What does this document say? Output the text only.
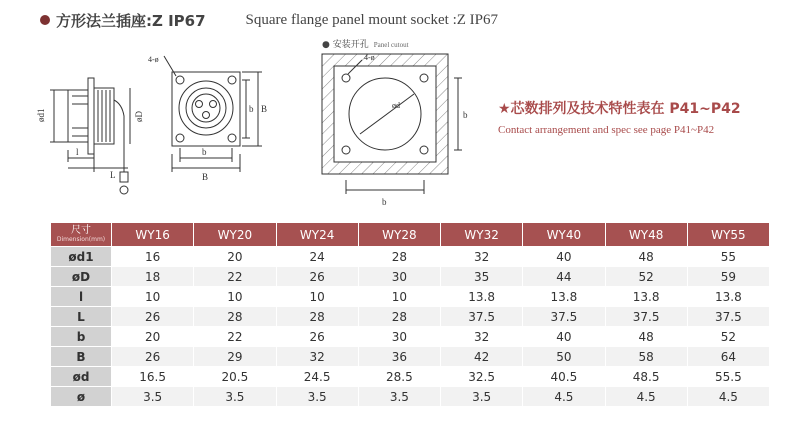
方形法兰插座:Z IP67	Square flange panel mount socket :Z IP67
ød1	øD
l
L
4-ø
b
B
b B
4-ø
ød
b
b
● 安装开孔 Panel cutout
★芯数排列及技术特性表在 P41~P42
Contact arrangement and spec see page P41~P42
尺寸
Dimension(mm)	WY16	WY20	WY24	WY28	WY32	WY40	WY48	WY55
ød1	16	20	24	28	32	40	48	55
øD	18	22	26	30	35	44	52	59
l	10	10	10	10	13.8	13.8	13.8	13.8
L	26	28	28	28	37.5	37.5	37.5	37.5
b	20	22	26	30	32	40	48	52
B	26	29	32	36	42	50	58	64
ød	16.5	20.5	24.5	28.5	32.5	40.5	48.5	55.5
ø	3.5	3.5	3.5	3.5	3.5	4.5	4.5	4.5
